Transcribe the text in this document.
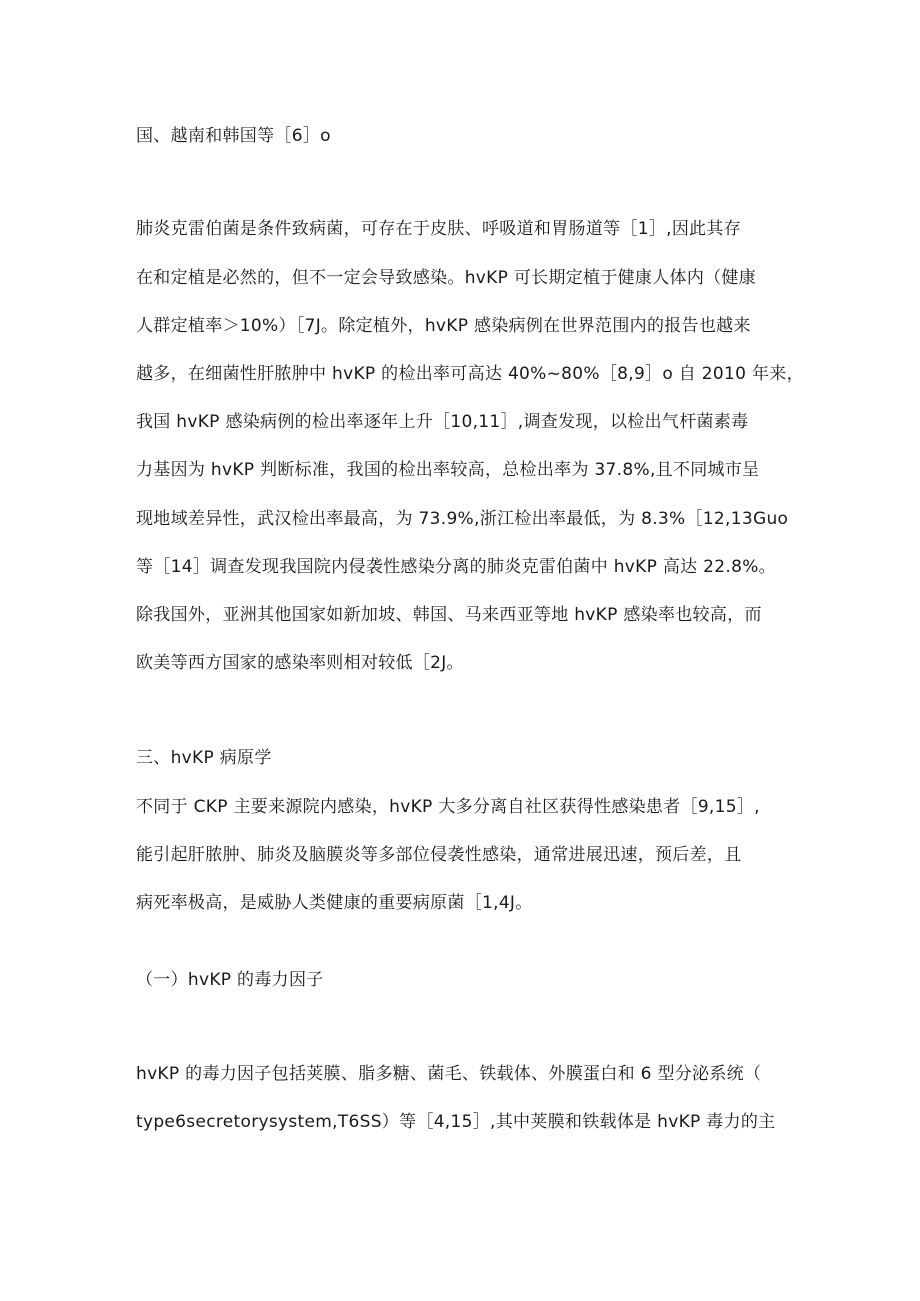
国、越南和韩国等［6］o
肺炎克雷伯菌是条件致病菌，可存在于皮肤、呼吸道和胃肠道等［1］,因此其存
在和定植是必然的，但不一定会导致感染。hvKP 可长期定植于健康人体内（健康
人群定植率＞10%）［7J。除定植外，hvKP 感染病例在世界范围内的报告也越来
越多，在细菌性肝脓肿中 hvKP 的检出率可高达 40%~80%［8,9］o 自 2010 年来，
我国 hvKP 感染病例的检出率逐年上升［10,11］,调查发现，以检出气杆菌素毒
力基因为 hvKP 判断标准，我国的检出率较高，总检出率为 37.8%,且不同城市呈
现地域差异性，武汉检出率最高，为 73.9%,浙江检出率最低，为 8.3%［12,13Guo
等［14］调查发现我国院内侵袭性感染分离的肺炎克雷伯菌中 hvKP 高达 22.8%。
除我国外，亚洲其他国家如新加坡、韩国、马来西亚等地 hvKP 感染率也较高，而
欧美等西方国家的感染率则相对较低［2J。
三、hvKP 病原学
不同于 CKP 主要来源院内感染，hvKP 大多分离自社区获得性感染患者［9,15］,
能引起肝脓肿、肺炎及脑膜炎等多部位侵袭性感染，通常进展迅速，预后差，且
病死率极高，是威胁人类健康的重要病原菌［1,4J。
（一）hvKP 的毒力因子
hvKP 的毒力因子包括荚膜、脂多糖、菌毛、铁载体、外膜蛋白和 6 型分泌系统（
type6secretorysystem,T6SS）等［4,15］,其中荚膜和铁载体是 hvKP 毒力的主
